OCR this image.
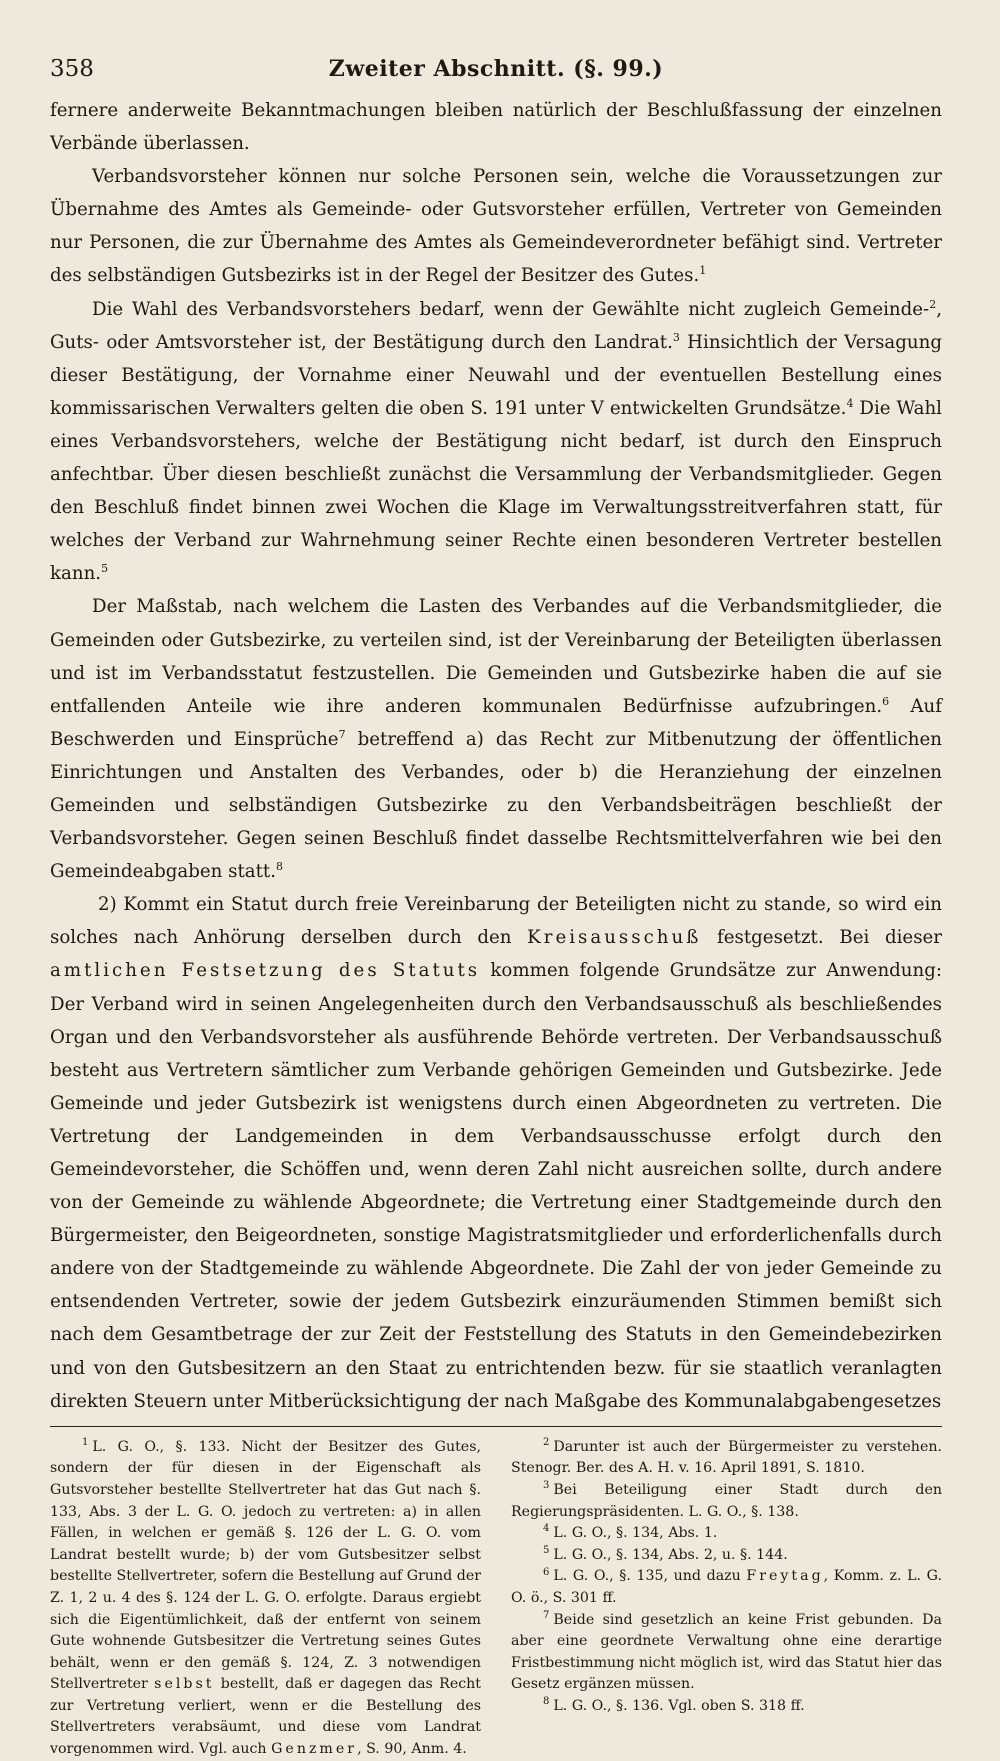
358	Zweiter Abschnitt. (§. 99.)

fernere anderweite Bekanntmachungen bleiben natürlich der Beschlußfassung der einzelnen Verbände überlassen.

Verbandsvorsteher können nur solche Personen sein, welche die Voraussetzungen zur Übernahme des Amtes als Gemeinde- oder Gutsvorsteher erfüllen, Vertreter von Gemeinden nur Personen, die zur Übernahme des Amtes als Gemeindeverordneter befähigt sind. Vertreter des selbständigen Gutsbezirks ist in der Regel der Besitzer des Gutes.$^1$

Die Wahl des Verbandsvorstehers bedarf, wenn der Gewählte nicht zugleich Gemeinde-$^2$, Guts- oder Amtsvorsteher ist, der Bestätigung durch den Landrat.$^3$ Hinsichtlich der Versagung dieser Bestätigung, der Vornahme einer Neuwahl und der eventuellen Bestellung eines kommissarischen Verwalters gelten die oben S. 191 unter V entwickelten Grundsätze.$^4$ Die Wahl eines Verbandsvorstehers, welche der Bestätigung nicht bedarf, ist durch den Einspruch anfechtbar. Über diesen beschließt zunächst die Versammlung der Verbandsmitglieder. Gegen den Beschluß findet binnen zwei Wochen die Klage im Verwaltungsstreitverfahren statt, für welches der Verband zur Wahrnehmung seiner Rechte einen besonderen Vertreter bestellen kann.$^5$

Der Maßstab, nach welchem die Lasten des Verbandes auf die Verbandsmitglieder, die Gemeinden oder Gutsbezirke, zu verteilen sind, ist der Vereinbarung der Beteiligten überlassen und ist im Verbandsstatut festzustellen. Die Gemeinden und Gutsbezirke haben die auf sie entfallenden Anteile wie ihre anderen kommunalen Bedürfnisse aufzubringen.$^6$ Auf Beschwerden und Einsprüche$^7$ betreffend a) das Recht zur Mitbenutzung der öffentlichen Einrichtungen und Anstalten des Verbandes, oder b) die Heranziehung der einzelnen Gemeinden und selbständigen Gutsbezirke zu den Verbandsbeiträgen beschließt der Verbandsvorsteher. Gegen seinen Beschluß findet dasselbe Rechtsmittelverfahren wie bei den Gemeindeabgaben statt.$^8$

2) Kommt ein Statut durch freie Vereinbarung der Beteiligten nicht zu stande, so wird ein solches nach Anhörung derselben durch den Kreisausschuß festgesetzt. Bei dieser amtlichen Festsetzung des Statuts kommen folgende Grundsätze zur Anwendung: Der Verband wird in seinen Angelegenheiten durch den Verbandsausschuß als beschließendes Organ und den Verbandsvorsteher als ausführende Behörde vertreten. Der Verbandsausschuß besteht aus Vertretern sämtlicher zum Verbande gehörigen Gemeinden und Gutsbezirke. Jede Gemeinde und jeder Gutsbezirk ist wenigstens durch einen Abgeordneten zu vertreten. Die Vertretung der Landgemeinden in dem Verbandsausschusse erfolgt durch den Gemeindevorsteher, die Schöffen und, wenn deren Zahl nicht ausreichen sollte, durch andere von der Gemeinde zu wählende Abgeordnete; die Vertretung einer Stadtgemeinde durch den Bürgermeister, den Beigeordneten, sonstige Magistratsmitglieder und erforderlichenfalls durch andere von der Stadtgemeinde zu wählende Abgeordnete. Die Zahl der von jeder Gemeinde zu entsendenden Vertreter, sowie der jedem Gutsbezirk einzuräumenden Stimmen bemißt sich nach dem Gesamtbetrage der zur Zeit der Feststellung des Statuts in den Gemeindebezirken und von den Gutsbesitzern an den Staat zu entrichtenden bezw. für sie staatlich veranlagten direkten Steuern unter Mitberücksichtigung der nach Maßgabe des Kommunalabgabengesetzes

$^1$ L. G. O., §. 133. Nicht der Besitzer des Gutes, sondern der für diesen in der Eigenschaft als Gutsvorsteher bestellte Stellvertreter hat das Gut nach §. 133, Abs. 3 der L. G. O. jedoch zu vertreten: a) in allen Fällen, in welchen er gemäß §. 126 der L. G. O. vom Landrat bestellt wurde; b) der vom Gutsbesitzer selbst bestellte Stellvertreter, sofern die Bestellung auf Grund der Z. 1, 2 u. 4 des §. 124 der L. G. O. erfolgte. Daraus ergiebt sich die Eigentümlichkeit, daß der entfernt von seinem Gute wohnende Gutsbesitzer die Vertretung seines Gutes behält, wenn er den gemäß §. 124, Z. 3 notwendigen Stellvertreter selbst bestellt, daß er dagegen das Recht zur Vertretung verliert, wenn er die Bestellung des Stellvertreters verabsäumt, und diese vom Landrat vorgenommen wird. Vgl. auch Genzmer, S. 90, Anm. 4.

$^2$ Darunter ist auch der Bürgermeister zu verstehen. Stenogr. Ber. des A. H. v. 16. April 1891, S. 1810.

$^3$ Bei Beteiligung einer Stadt durch den Regierungspräsidenten. L. G. O., §. 138.

$^4$ L. G. O., §. 134, Abs. 1.

$^5$ L. G. O., §. 134, Abs. 2, u. §. 144.

$^6$ L. G. O., §. 135, und dazu Freytag, Komm. z. L. G. O. ö., S. 301 ff.

$^7$ Beide sind gesetzlich an keine Frist gebunden. Da aber eine geordnete Verwaltung ohne eine derartige Fristbestimmung nicht möglich ist, wird das Statut hier das Gesetz ergänzen müssen.

$^8$ L. G. O., §. 136. Vgl. oben S. 318 ff.
